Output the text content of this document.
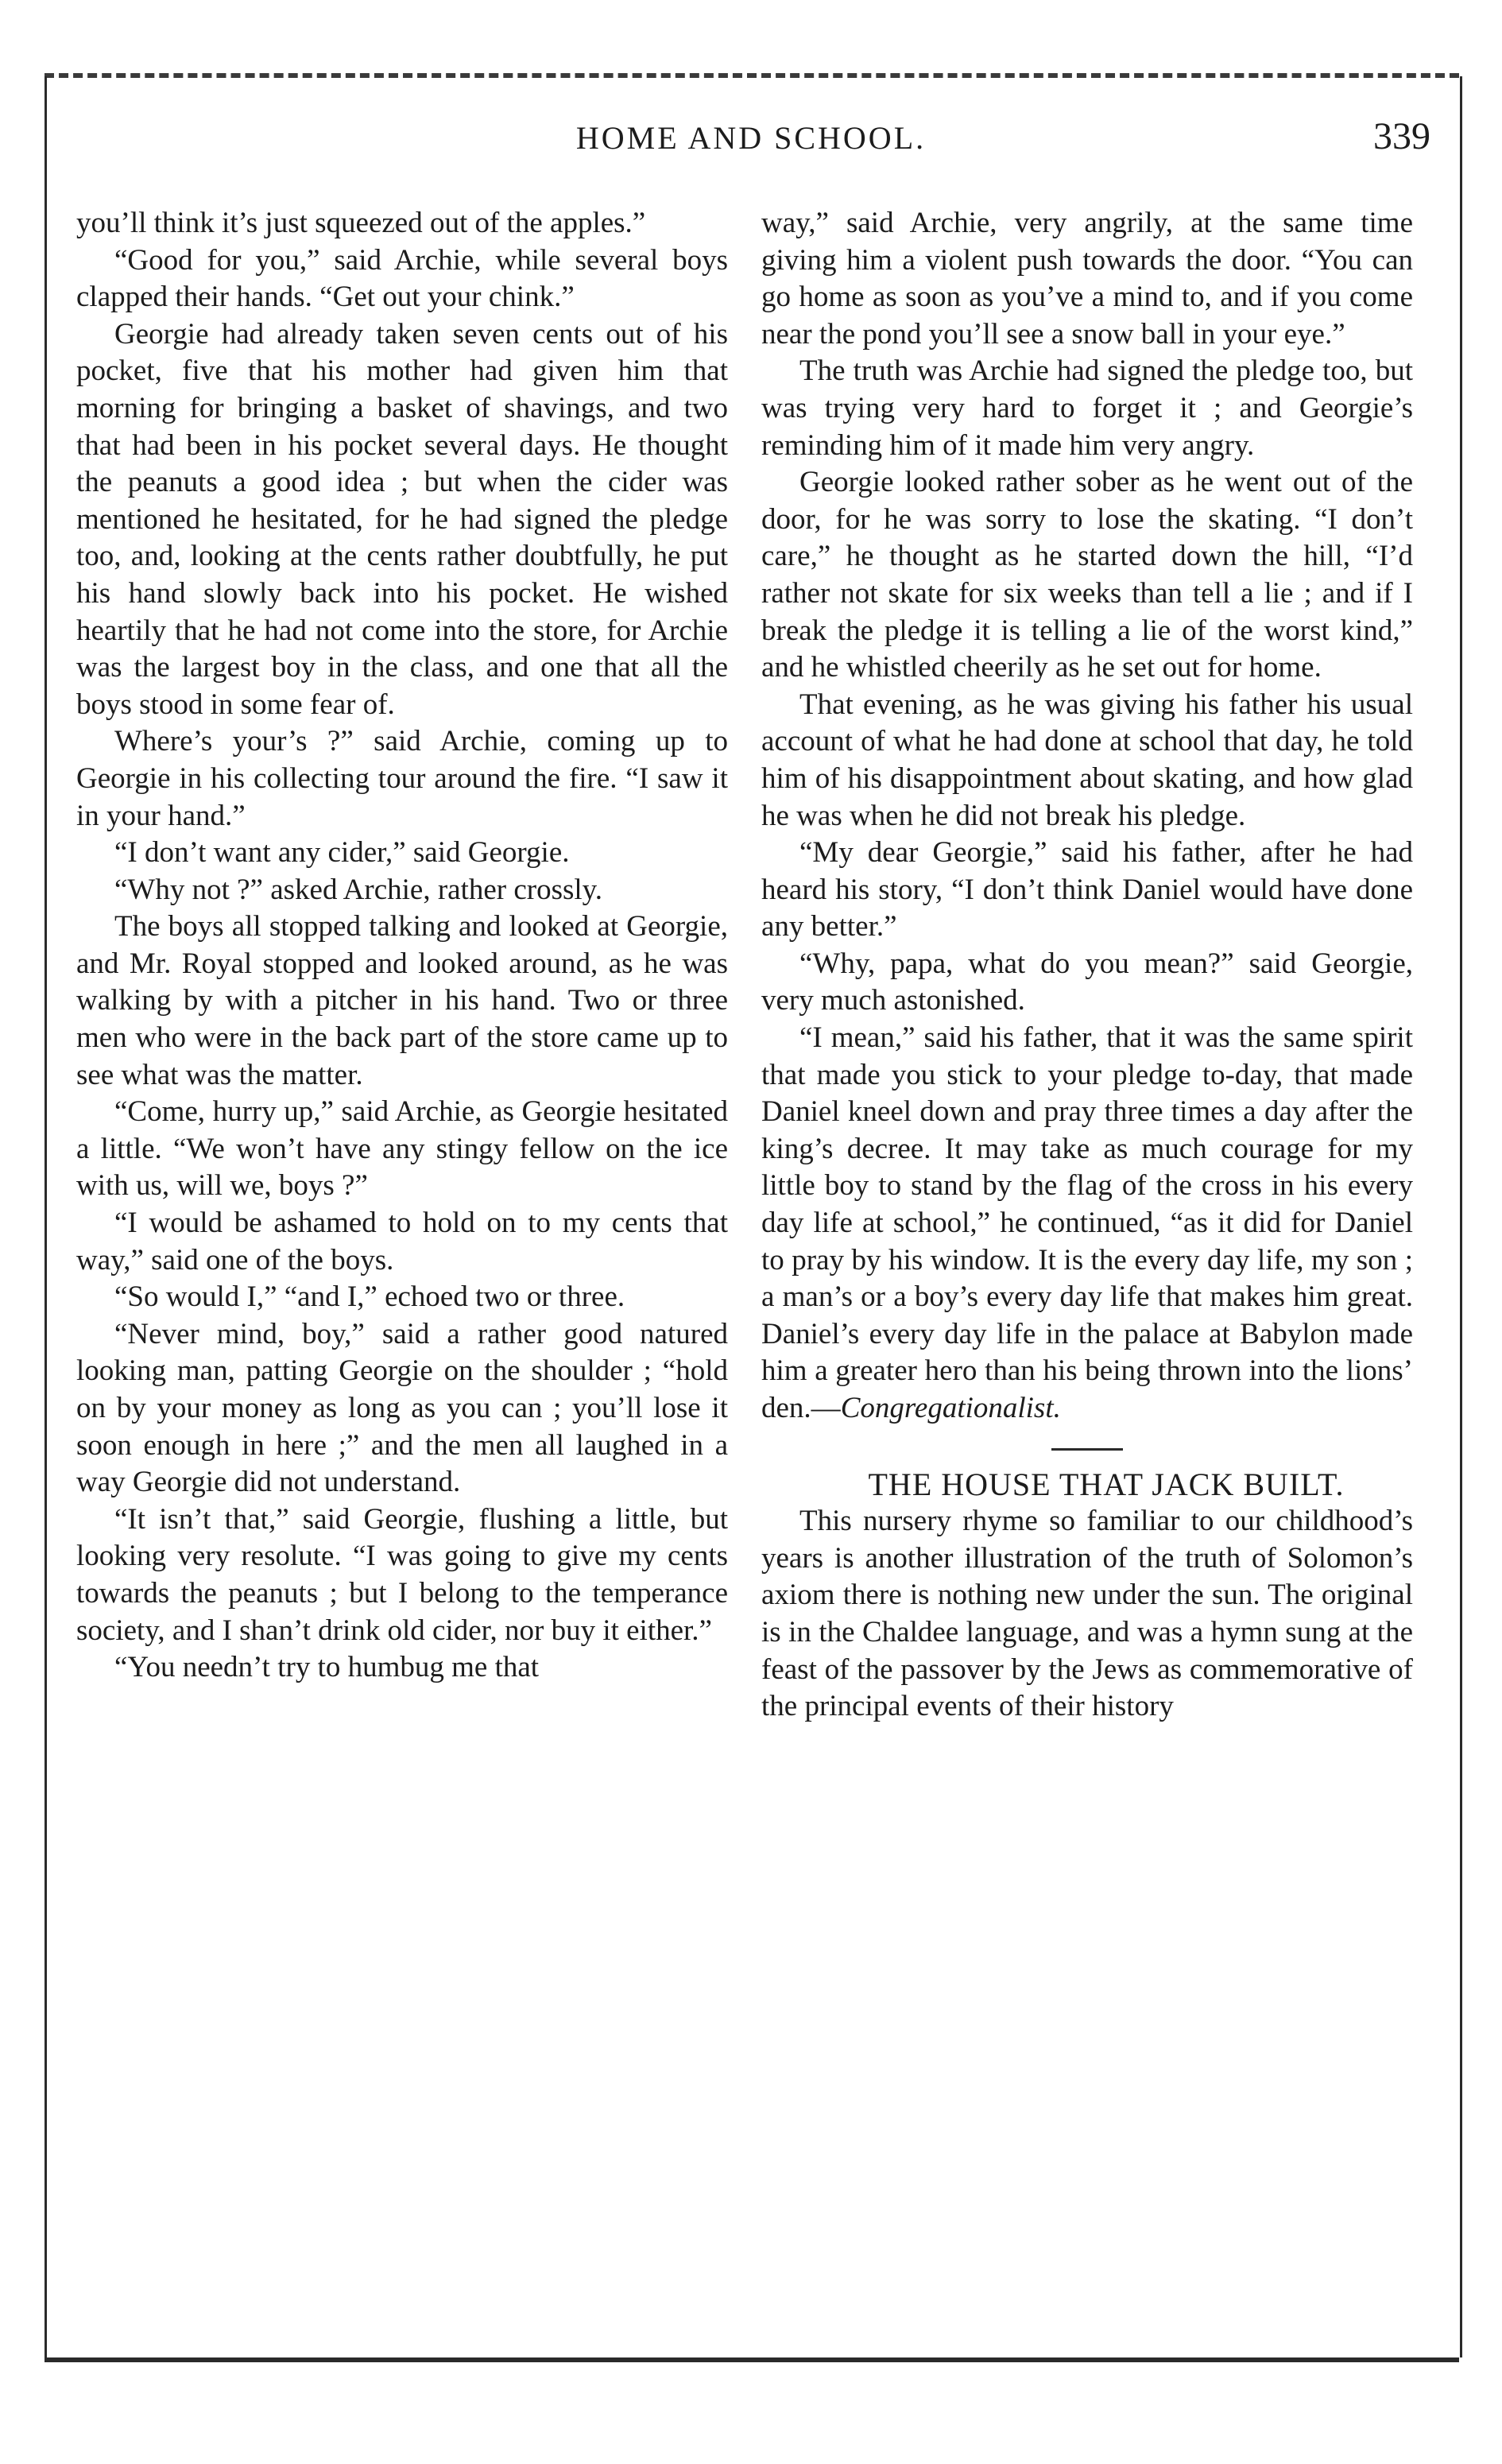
HOME AND SCHOOL.	339

you’ll think it’s just squeezed out of the apples.”

“Good for you,” said Archie, while several boys clapped their hands. “Get out your chink.”

Georgie had already taken seven cents out of his pocket, five that his mother had given him that morning for bringing a basket of shavings, and two that had been in his pocket several days. He thought the peanuts a good idea ; but when the cider was mentioned he hesitated, for he had signed the pledge too, and, looking at the cents rather doubtfully, he put his hand slowly back into his pocket. He wished heartily that he had not come into the store, for Archie was the largest boy in the class, and one that all the boys stood in some fear of.

Where’s your’s ?” said Archie, coming up to Georgie in his collecting tour around the fire. “I saw it in your hand.”

“I don’t want any cider,” said Georgie.

“Why not ?” asked Archie, rather crossly.

The boys all stopped talking and looked at Georgie, and Mr. Royal stopped and looked around, as he was walking by with a pitcher in his hand. Two or three men who were in the back part of the store came up to see what was the matter.

“Come, hurry up,” said Archie, as Georgie hesitated a little. “We won’t have any stingy fellow on the ice with us, will we, boys ?”

“I would be ashamed to hold on to my cents that way,” said one of the boys.

“So would I,” “and I,” echoed two or three.

“Never mind, boy,” said a rather good natured looking man, patting Georgie on the shoulder ; “hold on by your money as long as you can ; you’ll lose it soon enough in here ;” and the men all laughed in a way Georgie did not understand.

“It isn’t that,” said Georgie, flushing a little, but looking very resolute. “I was going to give my cents towards the peanuts ; but I belong to the temperance society, and I shan’t drink old cider, nor buy it either.”

“You needn’t try to humbug me that

way,” said Archie, very angrily, at the same time giving him a violent push towards the door. “You can go home as soon as you’ve a mind to, and if you come near the pond you’ll see a snow ball in your eye.”

The truth was Archie had signed the pledge too, but was trying very hard to forget it ; and Georgie’s reminding him of it made him very angry.

Georgie looked rather sober as he went out of the door, for he was sorry to lose the skating. “I don’t care,” he thought as he started down the hill, “I’d rather not skate for six weeks than tell a lie ; and if I break the pledge it is telling a lie of the worst kind,” and he whistled cheerily as he set out for home.

That evening, as he was giving his father his usual account of what he had done at school that day, he told him of his disappointment about skating, and how glad he was when he did not break his pledge.

“My dear Georgie,” said his father, after he had heard his story, “I don’t think Daniel would have done any better.”

“Why, papa, what do you mean?” said Georgie, very much astonished.

“I mean,” said his father, that it was the same spirit that made you stick to your pledge to-day, that made Daniel kneel down and pray three times a day after the king’s decree. It may take as much courage for my little boy to stand by the flag of the cross in his every day life at school,” he continued, “as it did for Daniel to pray by his window. It is the every day life, my son ; a man’s or a boy’s every day life that makes him great. Daniel’s every day life in the palace at Babylon made him a greater hero than his being thrown into the lions’ den.—Congregationalist.

THE HOUSE THAT JACK BUILT.

This nursery rhyme so familiar to our childhood’s years is another illustration of the truth of Solomon’s axiom there is nothing new under the sun. The original is in the Chaldee language, and was a hymn sung at the feast of the passover by the Jews as commemorative of the principal events of their history
